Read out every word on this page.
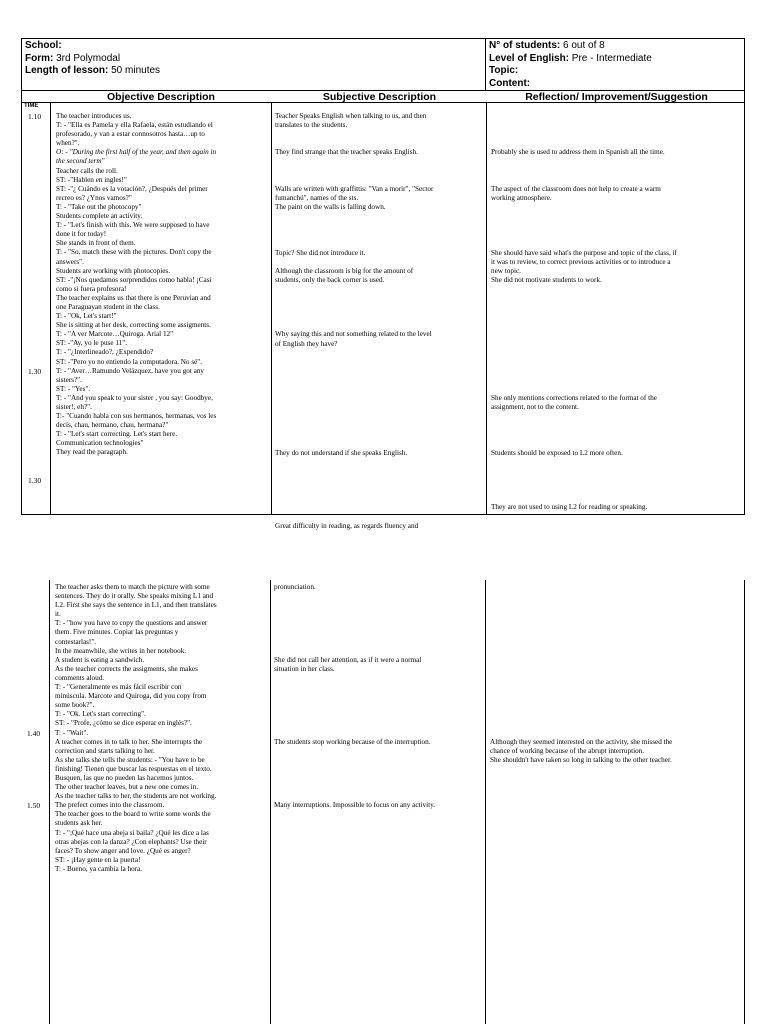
School:
Form: 3rd Polymodal
Length of lesson: 50 minutes
N° of students: 6 out of 8
Level of English: Pre - Intermediate
Topic:
Content:
Objective Description	Subjective Description	Reflection/ Improvement/Suggestion
TIME
1.10
1.30
1.30
The teacher introduces us.
T: - "Ella es Pamela y ella Rafaela, están estudiando el
profesorado, y van a estar connosotros hasta…up to
when?".
O: - "During the first half of the year, and then again in
the second term"
Teacher calls the roll.
ST: -"Hablen en ingles!"
ST: -"¿ Cuándo es la votación?, ¿Después del primer
recreo es? ¿Ynos vamos?"
T: - "Take out the photocopy"
Students complete an activity.
T: - "Let's finish with this. We were supposed to have
done it for today!
She stands in front of them.
T: - "So, match these with the pictures. Don't copy the
answers".
Students are working with photocopies.
ST: -"¡Nos quedamos sorprendidos como habla! ¡Casi
como si fuera profesora!
The teacher explains us that there is one Peruvian and
one Paraguayan student in the class.
T: - "Ok, Let's start!"
She is sitting at her desk, correcting some assigments.
T: - "A ver Marcote…Quiroga. Arial 12"
ST: -"Ay, yo le puse 11".
T: - "¿Interlineado?, ¿Expendido?
ST: -"Pero yo no entiendo la computadora. No sé".
T: - "Aver…Ramundo Velázquez, have you got any
sisters?".
ST: - "Yes".
T: - "And you speak to your sister , you say: Goodbye,
sister!, eh?".
T:- "Cuando habla con sus hermanos, hermanas, vos les
decís, chau, hermano, chau, hermana?"
T: - "Let's start correcting. Let's start here.
Communication technologies"
They read the paragraph.
Teacher Speaks English when talking to us, and then
translates to the students.
They find strange that the teacher speaks English.
Walls are written with graffittis: "Van a morir", "Sector
fumanchú", names of the sts.
The paint on the walls is falling down.
Topic? She did not introduce it.
Although the classroom is big for the amount of
students, only the back corner is used.
Why saying this and not something related to the level
of English they have?
They do not understand if she speaks English.
Great difficulty in reading, as regards fluency and
Probably she is used to address them in Spanish all the time.
The aspect of the classroom does not help to create a warm
working atmosphere.
She should have said what's the purpose and topic of the class, if
it was to review, to correct previous activities or to introduce a
new topic.
She did not motivate students to work.
She only mentions corrections related to the format of the
assignment, not to the content.
Students should be exposed to L2 more often.
They are not used to using L2 for reading or speaking.
1.40
1.50
The teacher asks them to match the picture with some
sentences. They do it orally. She speaks mixing L1 and
L2. First she says the sentence in L1, and then translates
it.
T: - "how you have to copy the questions and answer
them. Five minutes. Copiar las preguntas y
contestarlas!".
In the meanwhile, she writes in her notebook.
A student is eating a sandwich.
As the teacher corrects the assigments, she makes
comments aloud.
T: - "Generalmente es más fácil escribir con
minúscula. Marcote and Quiroga, did you copy from
some book?".
T: - "Ok. Let's start correcting".
ST: - "Profe, ¿cómo se dice esperar en inglés?".
T: - "Wait".
A teacher comes in to talk to her. She interrupts the
correction and starts talking to her.
As she talks she tells the students: - "You have to be
finishing! Tienen que buscar las respuestas en el texto.
Busquen, las que no pueden las hacemos juntos.
The other teacher leaves, but a new one comes in.
As the teacher talks to her, the students are not working.
The prefect comes into the classroom.
The teacher goes to the board to write some words the
students ask her.
T: - ";Qué hace una abeja si baila? ¿Qué les dice a las
otras abejas con la danza? ¿Con elephants? Use their
faces? To show anger and love. ¿Qué es anger?
ST: - ¡Hay gente en la puerta!
T: - Bueno, ya cambia la hora.
pronunciation.
She did not call her attention, as if it were a normal
situation in her class.
The students stop working because of the interruption.
Many interruptions. Impossible to focus on any activity.
Although they seemed interested on the activity, she missed the
chance of working because of the abrupt interruption.
She shouldn't have taken so long in talking to the other teacher.
